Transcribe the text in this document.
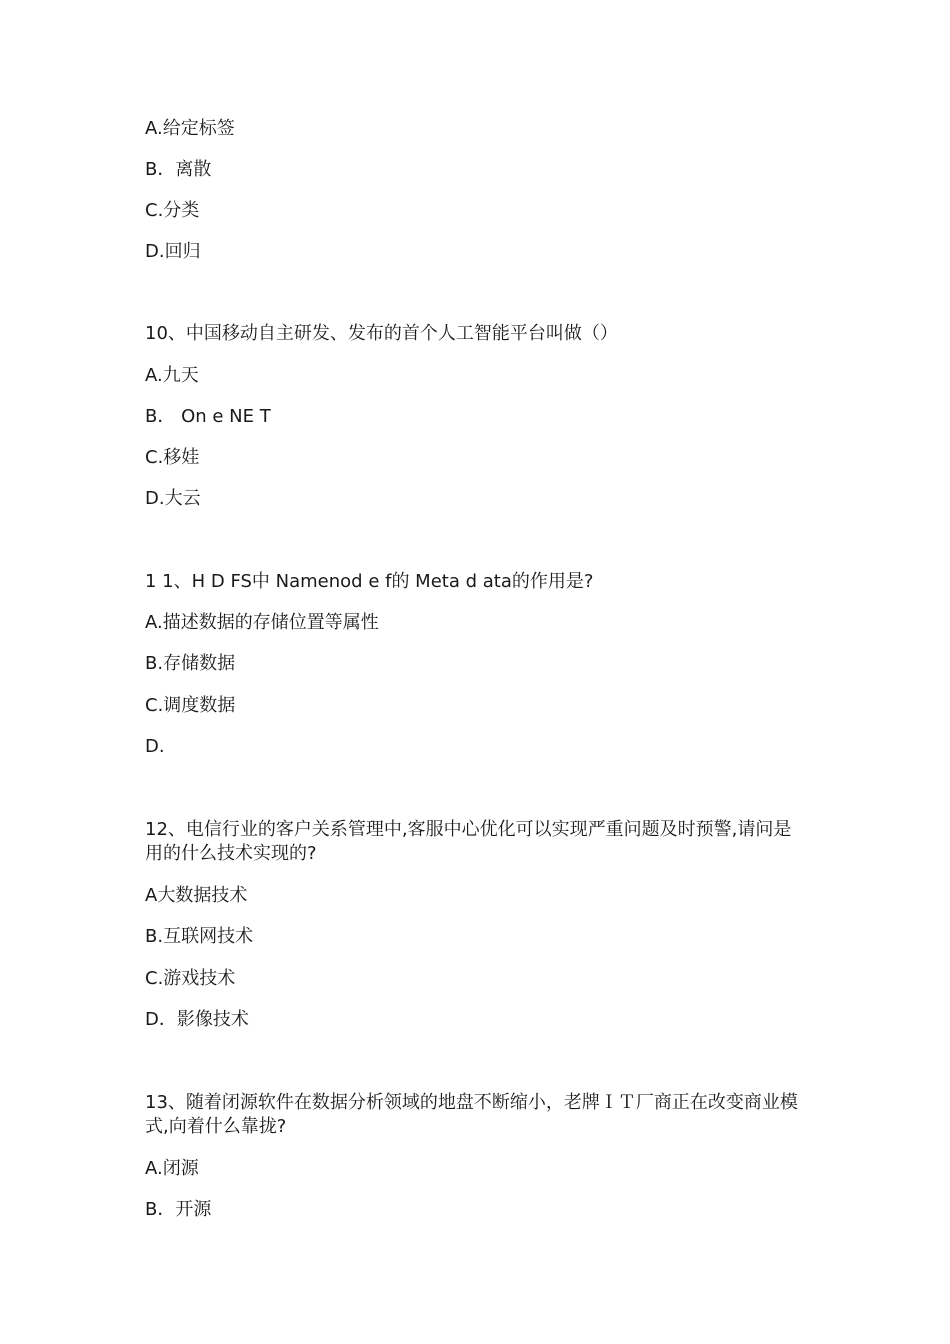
A.给定标签
B．离散
C.分类
D.回归
10、中国移动自主研发、发布的首个人工智能平台叫做（）
A.九天
B． On e NE T
C.移娃
D.大云
1 1、H D FS中 Namenod e f的 Meta d ata的作用是?
A.描述数据的存储位置等属性
B.存储数据
C.调度数据
D.
12、电信行业的客户关系管理中,客服中心优化可以实现严重问题及时预警,请问是用的什么技术实现的?
A大数据技术
B.互联网技术
C.游戏技术
D．影像技术
13、随着闭源软件在数据分析领域的地盘不断缩小，老牌ＩＴ厂商正在改变商业模式,向着什么靠拢?
A.闭源
B．开源
